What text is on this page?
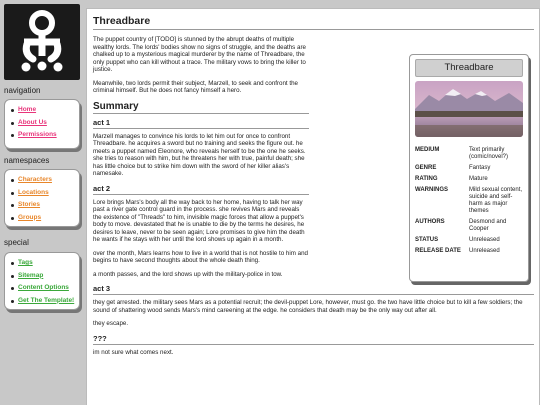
navigation
Home
About Us
Permissions
namespaces
Characters
Locations
Stories
Groups
special
Tags
Sitemap
Content Options
Get The Template!
Threadbare

The puppet country of [TODO] is stunned by the abrupt deaths of multiple wealthy lords. The lords' bodies show no signs of struggle, and the deaths are chalked up to a mysterious magical murderer by the name of Threadbare, the only puppet who can kill without a trace. The military vows to bring the killer to justice.

Meanwhile, two lords permit their subject, Marzell, to seek and confront the criminal himself. But he does not fancy himself a hero.

Summary
act 1

Marzell manages to convince his lords to let him out for once to confront Threadbare. he acquires a sword but no training and seeks the figure out. he meets a puppet named Eleonore, who reveals herself to be the one he seeks. she tries to reason with him, but he threatens her with true, painful death; she has little choice but to strike him down with the sword of her killer alias's namesake.

act 2

Lore brings Mars's body all the way back to her home, having to talk her way past a river gate control guard in the process. she revives Mars and reveals the existence of "Threads" to him, invisible magic forces that allow a puppet's body to move. devastated that he is unable to die by the terms he desires, he desires to leave, never to be seen again; Lore promises to give him the death he wants if he stays with her until the lord shows up again in a month.

over the month, Mars learns how to live in a world that is not hostile to him and begins to have second thoughts about the whole death thing.

a month passes, and the lord shows up with the military-police in tow.

act 3

they get arrested. the military sees Mars as a potential recruit; the devil-puppet Lore, however, must go. the two have little choice but to kill a few soldiers; the sound of shattering wood sends Mars's mind careening at the edge. he considers that death may be the only way out after all.

they escape.

???

im not sure what comes next.

Threadbare
MEDIUM	Text primarily (comic/novel?)
GENRE	Fantasy
RATING	Mature
WARNINGS	Mild sexual content, suicide and self-harm as major themes
AUTHORS	Desmond and Cooper
STATUS	Unreleased
RELEASE DATE	Unreleased
